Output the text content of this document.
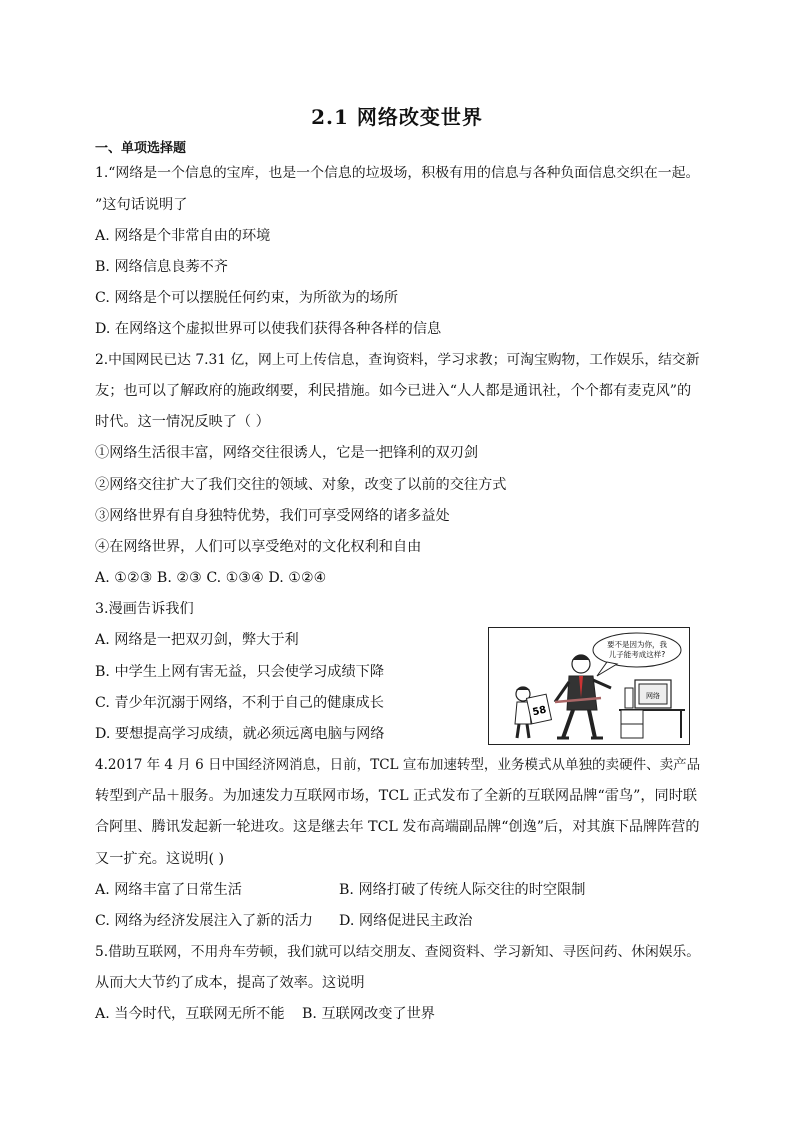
2.1 网络改变世界
一、单项选择题
1.“网络是一个信息的宝库，也是一个信息的垃圾场，积极有用的信息与各种负面信息交织在一起。
”这句话说明了
A. 网络是个非常自由的环境
B. 网络信息良莠不齐
C. 网络是个可以摆脱任何约束，为所欲为的场所
D. 在网络这个虚拟世界可以使我们获得各种各样的信息
2.中国网民已达 7.31 亿，网上可上传信息，查询资料，学习求教；可淘宝购物，工作娱乐，结交新
友；也可以了解政府的施政纲要，利民措施。如今已进入“人人都是通讯社，个个都有麦克风”的
时代。这一情况反映了（ ）
①网络生活很丰富，网络交往很诱人，它是一把锋利的双刃剑
②网络交往扩大了我们交往的领域、对象，改变了以前的交往方式
③网络世界有自身独特优势，我们可享受网络的诸多益处
④在网络世界，人们可以享受绝对的文化权利和自由
A. ①②③ B. ②③ C. ①③④ D. ①②④
3.漫画告诉我们
A. 网络是一把双刃剑，弊大于利
B. 中学生上网有害无益，只会使学习成绩下降
C. 青少年沉溺于网络，不利于自己的健康成长
D. 要想提高学习成绩，就必须远离电脑与网络
要不是因为你，我
儿子能考成这样?
58
网络
4.2017 年 4 月 6 日中国经济网消息，日前，TCL 宣布加速转型，业务模式从单独的卖硬件、卖产品
转型到产品＋服务。为加速发力互联网市场，TCL 正式发布了全新的互联网品牌“雷鸟”，同时联
合阿里、腾讯发起新一轮进攻。这是继去年 TCL 发布高端副品牌“创逸”后，对其旗下品牌阵营的
又一扩充。这说明( )
A. 网络丰富了日常生活	B. 网络打破了传统人际交往的时空限制
C. 网络为经济发展注入了新的活力 D. 网络促进民主政治
5.借助互联网，不用舟车劳顿，我们就可以结交朋友、查阅资料、学习新知、寻医问药、休闲娱乐。
从而大大节约了成本，提高了效率。这说明
A. 当今时代，互联网无所不能 B. 互联网改变了世界
